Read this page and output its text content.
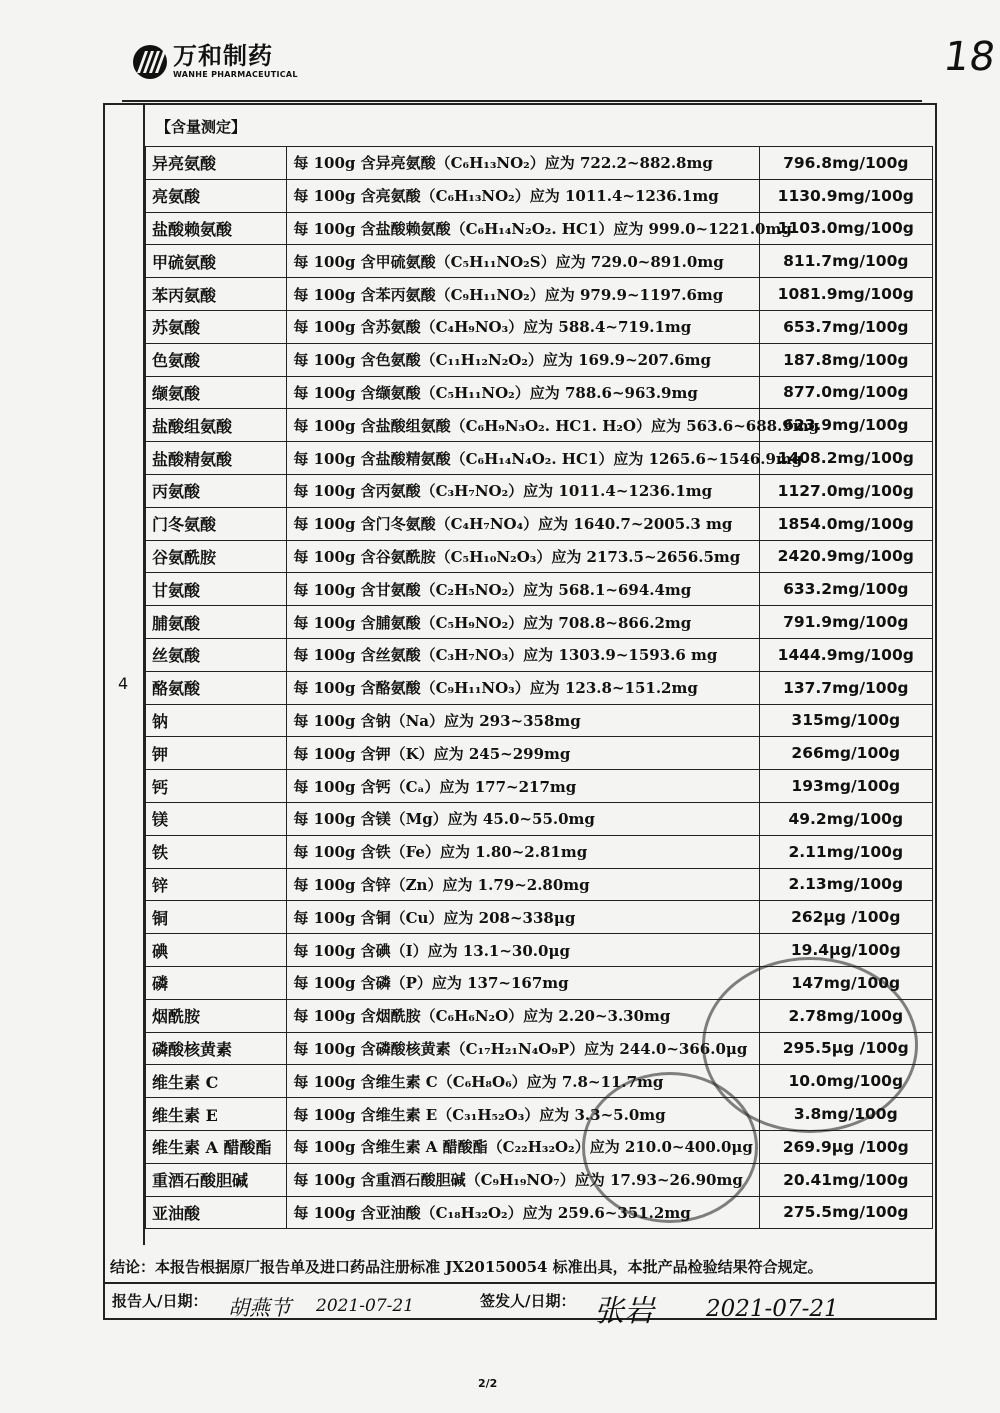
万和制药
WANHE PHARMACEUTICAL	18
4
【含量测定】
异亮氨酸	每 100g 含异亮氨酸（C₆H₁₃NO₂）应为 722.2~882.8mg	796.8mg/100g
亮氨酸	每 100g 含亮氨酸（C₆H₁₃NO₂）应为 1011.4~1236.1mg	1130.9mg/100g
盐酸赖氨酸	每 100g 含盐酸赖氨酸（C₆H₁₄N₂O₂. HC1）应为 999.0~1221.0mg	1103.0mg/100g
甲硫氨酸	每 100g 含甲硫氨酸（C₅H₁₁NO₂S）应为 729.0~891.0mg	811.7mg/100g
苯丙氨酸	每 100g 含苯丙氨酸（C₉H₁₁NO₂）应为 979.9~1197.6mg	1081.9mg/100g
苏氨酸	每 100g 含苏氨酸（C₄H₉NO₃）应为 588.4~719.1mg	653.7mg/100g
色氨酸	每 100g 含色氨酸（C₁₁H₁₂N₂O₂）应为 169.9~207.6mg	187.8mg/100g
缬氨酸	每 100g 含缬氨酸（C₅H₁₁NO₂）应为 788.6~963.9mg	877.0mg/100g
盐酸组氨酸	每 100g 含盐酸组氨酸（C₆H₉N₃O₂. HC1. H₂O）应为 563.6~688.9mg	623.9mg/100g
盐酸精氨酸	每 100g 含盐酸精氨酸（C₆H₁₄N₄O₂. HC1）应为 1265.6~1546.9mg	1408.2mg/100g
丙氨酸	每 100g 含丙氨酸（C₃H₇NO₂）应为 1011.4~1236.1mg	1127.0mg/100g
门冬氨酸	每 100g 含门冬氨酸（C₄H₇NO₄）应为 1640.7~2005.3 mg	1854.0mg/100g
谷氨酰胺	每 100g 含谷氨酰胺（C₅H₁₀N₂O₃）应为 2173.5~2656.5mg	2420.9mg/100g
甘氨酸	每 100g 含甘氨酸（C₂H₅NO₂）应为 568.1~694.4mg	633.2mg/100g
脯氨酸	每 100g 含脯氨酸（C₅H₉NO₂）应为 708.8~866.2mg	791.9mg/100g
丝氨酸	每 100g 含丝氨酸（C₃H₇NO₃）应为 1303.9~1593.6 mg	1444.9mg/100g
酪氨酸	每 100g 含酪氨酸（C₉H₁₁NO₃）应为 123.8~151.2mg	137.7mg/100g
钠	每 100g 含钠（Na）应为 293~358mg	315mg/100g
钾	每 100g 含钾（K）应为 245~299mg	266mg/100g
钙	每 100g 含钙（Cₐ）应为 177~217mg	193mg/100g
镁	每 100g 含镁（Mg）应为 45.0~55.0mg	49.2mg/100g
铁	每 100g 含铁（Fe）应为 1.80~2.81mg	2.11mg/100g
锌	每 100g 含锌（Zn）应为 1.79~2.80mg	2.13mg/100g
铜	每 100g 含铜（Cu）应为 208~338μg	262μg /100g
碘	每 100g 含碘（I）应为 13.1~30.0μg	19.4μg/100g
磷	每 100g 含磷（P）应为 137~167mg	147mg/100g
烟酰胺	每 100g 含烟酰胺（C₆H₆N₂O）应为 2.20~3.30mg	2.78mg/100g
磷酸核黄素	每 100g 含磷酸核黄素（C₁₇H₂₁N₄O₉P）应为 244.0~366.0μg	295.5μg /100g
维生素 C	每 100g 含维生素 C（C₆H₈O₆）应为 7.8~11.7mg	10.0mg/100g
维生素 E	每 100g 含维生素 E（C₃₁H₅₂O₃）应为 3.3~5.0mg	3.8mg/100g
维生素 A 醋酸酯	每 100g 含维生素 A 醋酸酯（C₂₂H₃₂O₂）应为 210.0~400.0μg	269.9μg /100g
重酒石酸胆碱	每 100g 含重酒石酸胆碱（C₉H₁₉NO₇）应为 17.93~26.90mg	20.41mg/100g
亚油酸	每 100g 含亚油酸（C₁₈H₃₂O₂）应为 259.6~351.2mg	275.5mg/100g
结论：本报告根据原厂报告单及进口药品注册标准 JX20150054 标准出具，本批产品检验结果符合规定。
报告人/日期： 胡燕节 2021-07-21	签发人/日期： 张岩 2021-07-21
2/2
